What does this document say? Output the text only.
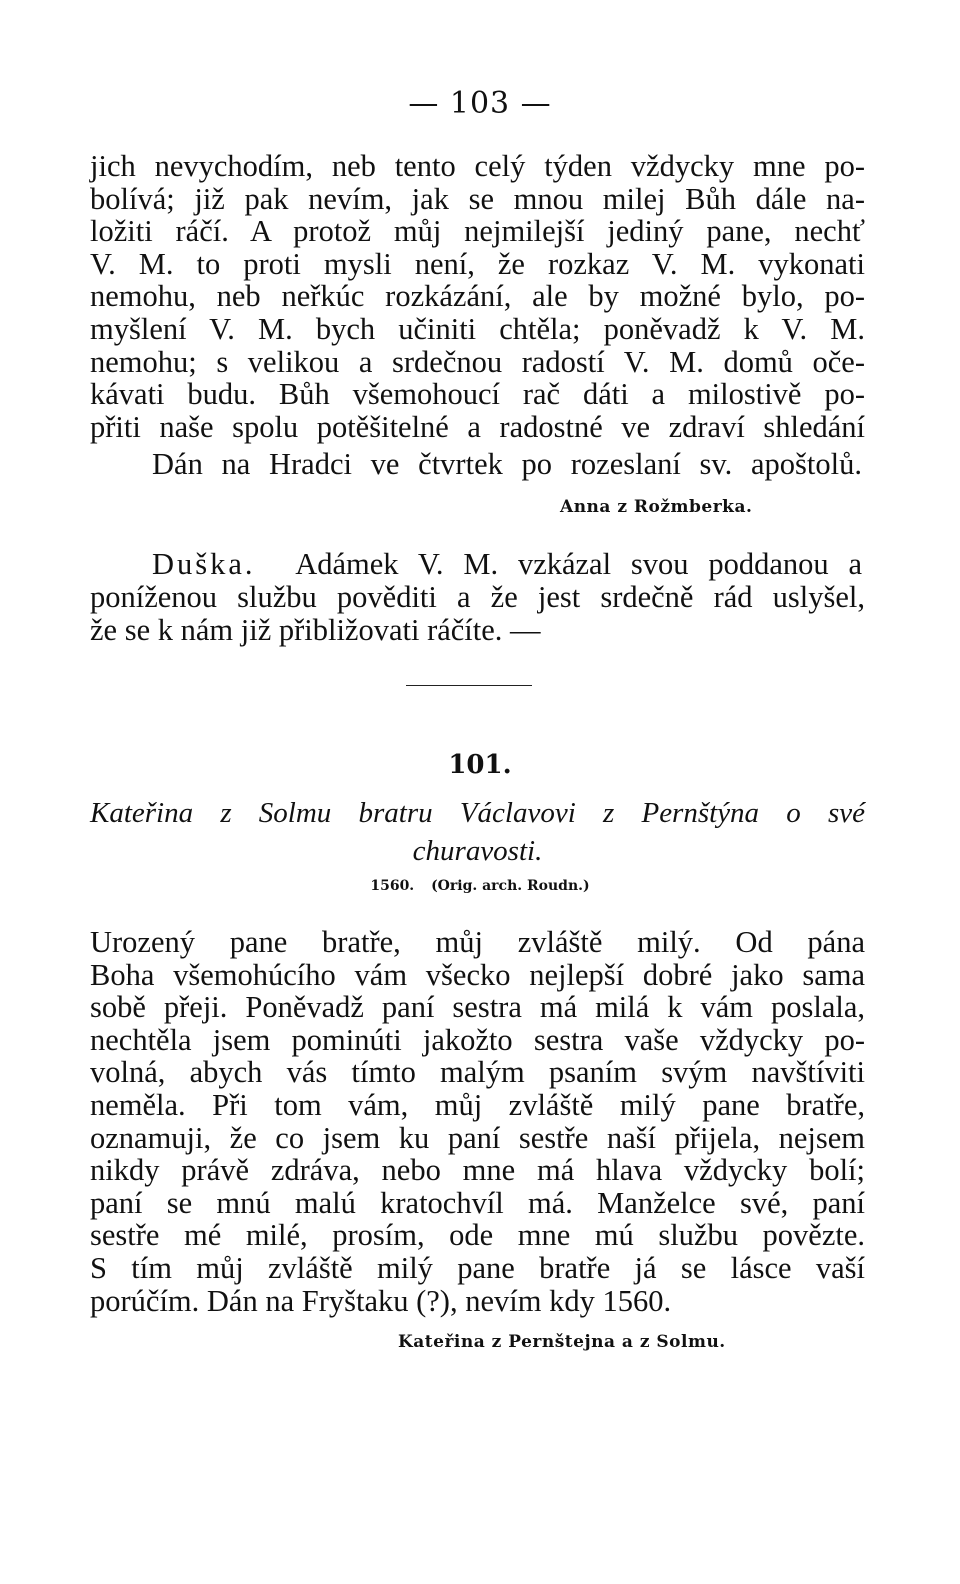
— 103 —
jich nevychodím, neb tento celý týden vždycky mne po-
bolívá; již pak nevím, jak se mnou milej Bůh dále na-
ložiti ráčí. A protož můj nejmilejší jediný pane, nechť
V. M. to proti mysli není, že rozkaz V. M. vykonati
nemohu, neb neřkúc rozkázání, ale by možné bylo, po-
myšlení V. M. bych učiniti chtěla; poněvadž k V. M.
nemohu; s velikou a srdečnou radostí V. M. domů oče-
kávati budu. Bůh všemohoucí rač dáti a milostivě po-
přiti naše spolu potěšitelné a radostné ve zdraví shledání
Dán na Hradci ve čtvrtek po rozeslaní sv. apoštolů.
Anna z Rožmberka.
Duška. Adámek V. M. vzkázal svou poddanou a
poníženou službu pověditi a že jest srdečně rád uslyšel,
že se k nám již přibližovati ráčíte. —
101.
Kateřina z Solmu bratru Václavovi z Pernštýna o své
churavosti.
1560. (Orig. arch. Roudn.)
Urozený pane bratře, můj zvláště milý. Od pána
Boha všemohúcího vám všecko nejlepší dobré jako sama
sobě přeji. Poněvadž paní sestra má milá k vám poslala,
nechtěla jsem pominúti jakožto sestra vaše vždycky po-
volná, abych vás tímto malým psaním svým navštíviti
neměla. Při tom vám, můj zvláště milý pane bratře,
oznamuji, že co jsem ku paní sestře naší přijela, nejsem
nikdy právě zdráva, nebo mne má hlava vždycky bolí;
paní se mnú malú kratochvíl má. Manželce své, paní
sestře mé milé, prosím, ode mne mú službu povězte.
S tím můj zvláště milý pane bratře já se lásce vaší
porúčím. Dán na Fryštaku (?), nevím kdy 1560.
Kateřina z Pernštejna a z Solmu.
